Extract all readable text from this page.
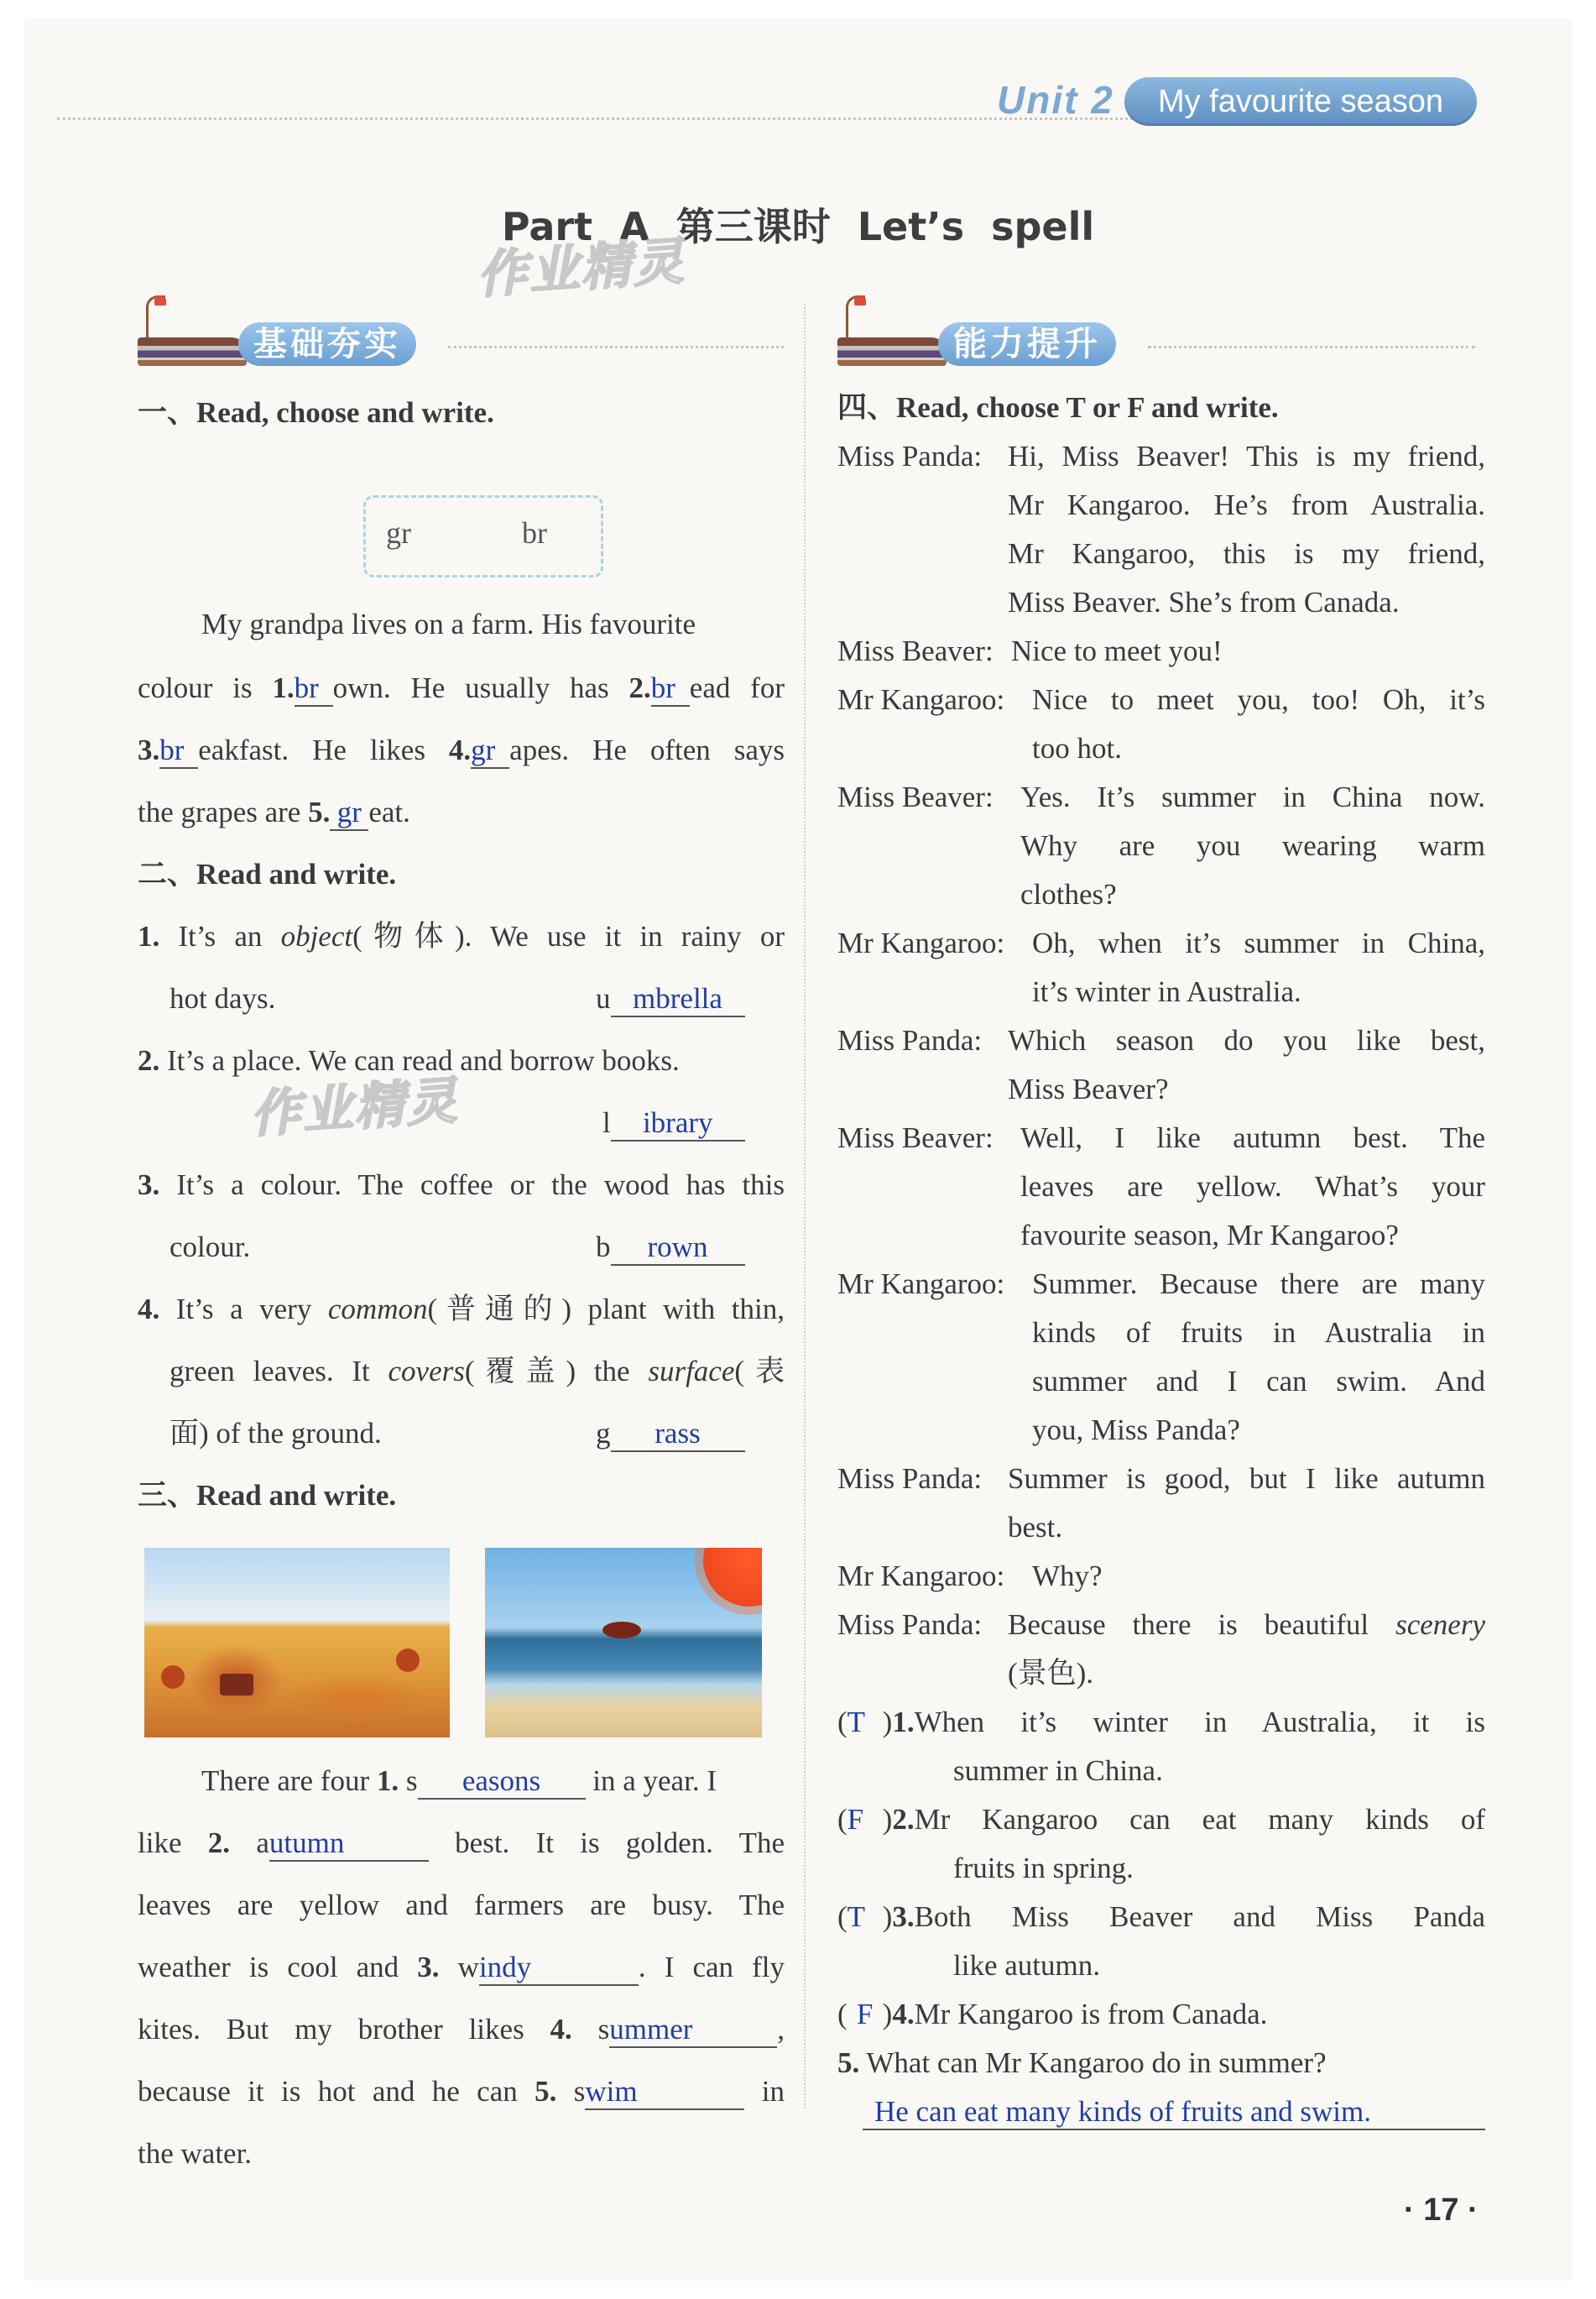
Unit 2	My favourite season
Part A 第三课时 Let’s spell
作业精灵
作业精灵
基础夯实
一、Read, choose and write.
gr	br
My grandpa lives on a farm. His favourite
colour is 1.br own. He usually has 2.br ead for
3.br eakfast. He likes 4.gr apes. He often says
the grapes are 5. gr eat.
二、Read and write.
1. It’s an object(物体). We use it in rainy or
hot days.	u mbrella
2. It’s a place. We can read and borrow books.
l ibrary
3. It’s a colour. The coffee or the wood has this
colour.	b rown
4. It’s a very common(普通的) plant with thin,
green leaves. It covers(覆盖) the surface(表
面) of the ground.	g rass
三、Read and write.
There are four 1. s easons in a year. I
like 2. autumn	best. It is golden. The
leaves are yellow and farmers are busy. The
weather is cool and 3. windy	. I can fly
kites. But my brother likes 4. summer	,
because it is hot and he can 5. swim	in
the water.
能力提升
四、Read, choose T or F and write.
Miss Panda: Hi, Miss Beaver! This is my friend,
Mr Kangaroo. He’s from Australia.
Mr Kangaroo, this is my friend,
Miss Beaver. She’s from Canada.
Miss Beaver: Nice to meet you!
Mr Kangaroo: Nice to meet you, too! Oh, it’s
too hot.
Miss Beaver: Yes. It’s summer in China now.
Why are you wearing warm
clothes?
Mr Kangaroo: Oh, when it’s summer in China,
it’s winter in Australia.
Miss Panda: Which season do you like best,
Miss Beaver?
Miss Beaver: Well, I like autumn best. The
leaves are yellow. What’s your
favourite season, Mr Kangaroo?
Mr Kangaroo: Summer. Because there are many
kinds of fruits in Australia in
summer and I can swim. And
you, Miss Panda?
Miss Panda: Summer is good, but I like autumn
best.
Mr Kangaroo: Why?
Miss Panda: Because there is beautiful scenery
(景色).
(T )1.When it’s winter in Australia, it is
summer in China.
(F )2.Mr Kangaroo can eat many kinds of
fruits in spring.
(T )3.Both Miss Beaver and Miss Panda
like autumn.
( F )4.Mr Kangaroo is from Canada.
5. What can Mr Kangaroo do in summer?
He can eat many kinds of fruits and swim.
· 17 ·
